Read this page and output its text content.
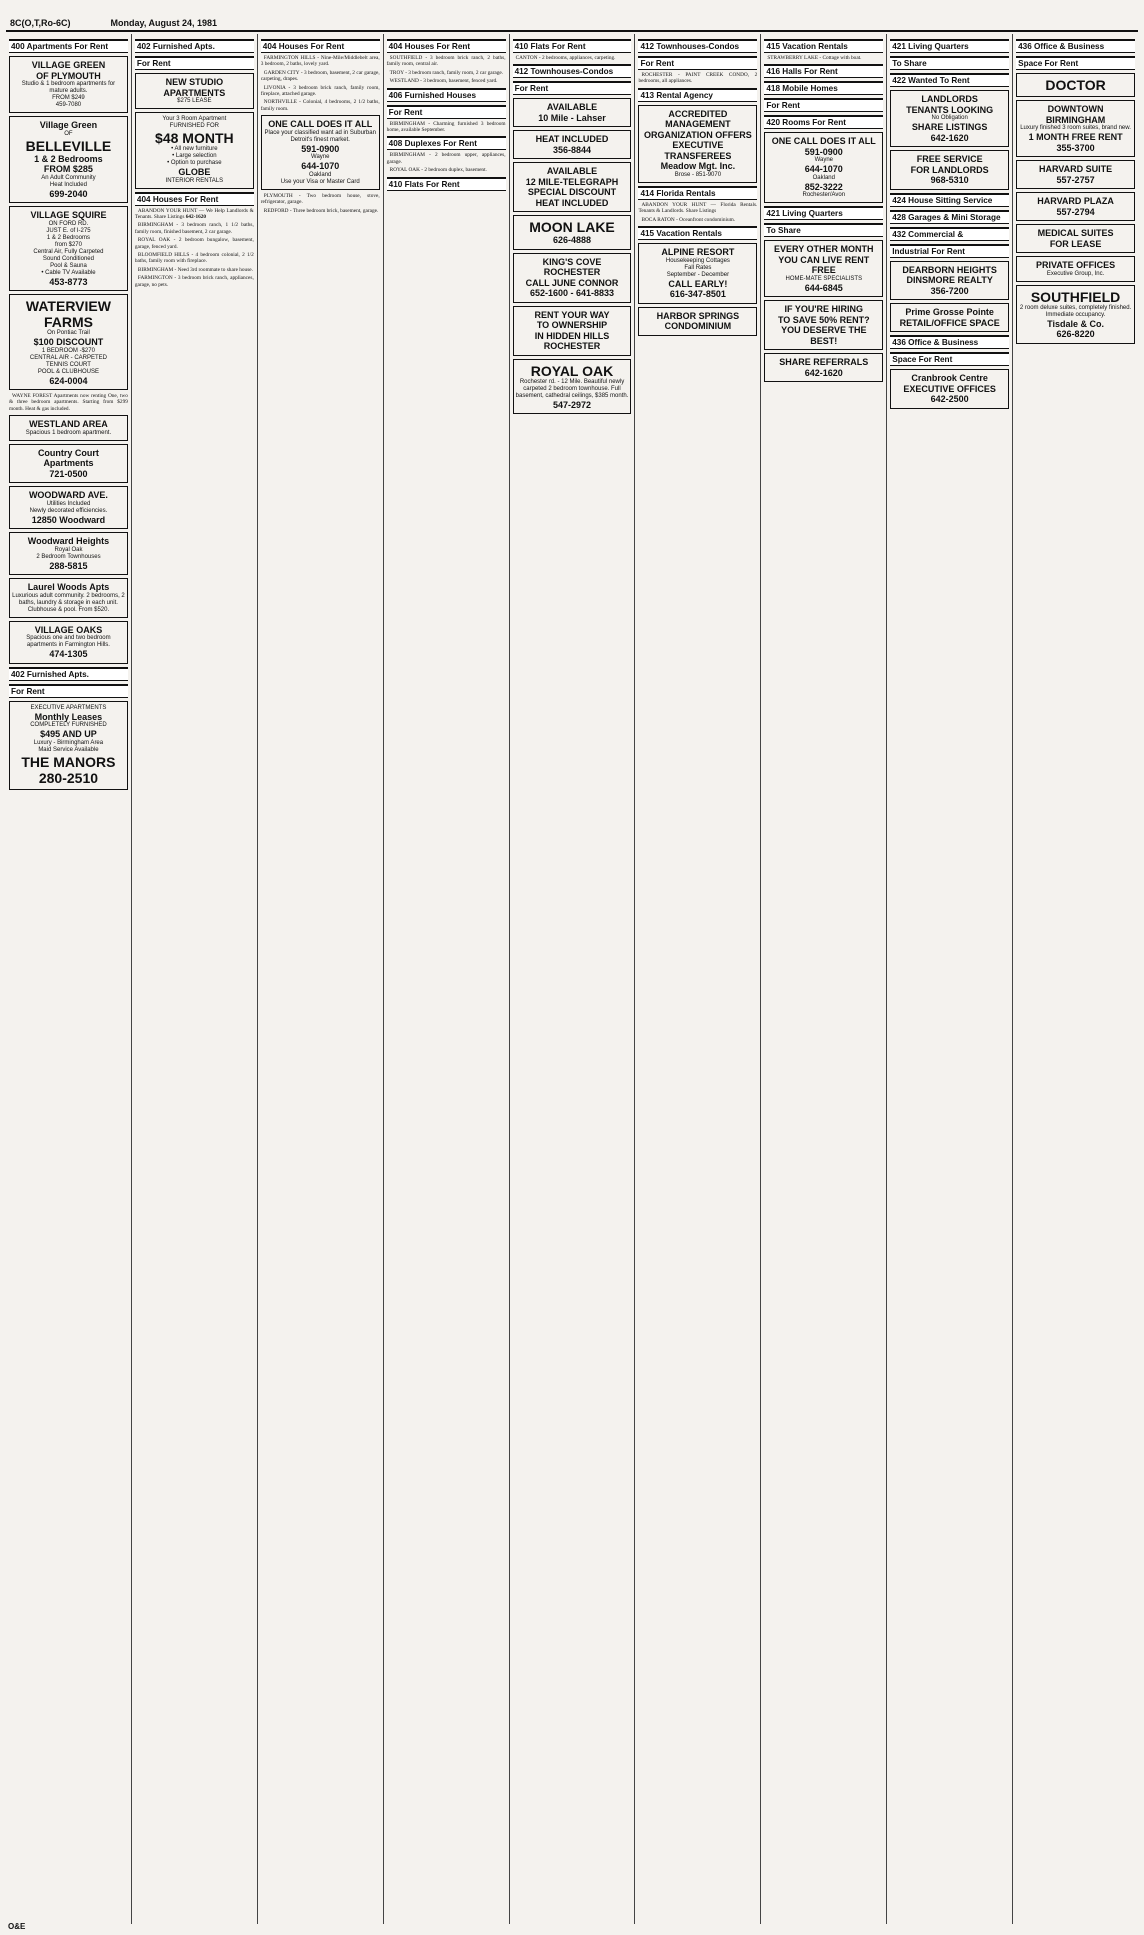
8C(O,T,Ro-6C)	Monday, August 24, 1981
400 Apartments For Rent
VILLAGE GREEN
OF PLYMOUTH
Studio & 1 bedroom apartments for mature adults.
FROM $249
459-7080
Village Green
OF
BELLEVILLE
1 & 2 Bedrooms
FROM $285
An Adult Community
Heat Included
699-2040
VILLAGE SQUIRE
ON FORD RD.
JUST E. of I-275
1 & 2 Bedrooms
from $270
Central Air, Fully Carpeted
Sound Conditioned
Pool & Sauna
• Cable TV Available
453-8773
WATERVIEW
FARMS
On Pontiac Trail
$100 DISCOUNT
1 BEDROOM -$270
CENTRAL AIR - CARPETED
TENNIS COURT
POOL & CLUBHOUSE
624-0004
WAYNE FOREST Apartments now renting One, two & three bedroom apartments. Starting from $299 month. Heat & gas included.
WESTLAND AREA
Spacious 1 bedroom apartment.
Country Court
Apartments
721-0500
WOODWARD AVE.
Utilities Included
Newly decorated efficiencies.
12850 Woodward
Woodward Heights
Royal Oak
2 Bedroom Townhouses
288-5815
Laurel Woods Apts
Luxurious adult community. 2 bedrooms, 2 baths, laundry & storage in each unit. Clubhouse & pool. From $520.
VILLAGE OAKS
Spacious one and two bedroom apartments in Farmington Hills.
474-1305
402 Furnished Apts.
For Rent
EXECUTIVE APARTMENTS
Monthly Leases
COMPLETELY FURNISHED
$495 AND UP
Luxury - Birmingham Area
Maid Service Available
THE MANORS
280-2510
402 Furnished Apts.
For Rent
NEW STUDIO
APARTMENTS
$275 LEASE
Your 3 Room Apartment
FURNISHED FOR
$48 MONTH
• All new furniture
• Large selection
• Option to purchase
GLOBE
INTERIOR RENTALS
404 Houses For Rent
ABANDON YOUR HUNT — We Help Landlords & Tenants. Share Listings 642-1620
BIRMINGHAM - 3 bedroom ranch, 1 1/2 baths, family room, finished basement, 2 car garage.
ROYAL OAK - 2 bedroom bungalow, basement, garage, fenced yard.
BLOOMFIELD HILLS - 4 bedroom colonial, 2 1/2 baths, family room with fireplace.
BIRMINGHAM - Need 3rd roommate to share house.
FARMINGTON - 3 bedroom brick ranch, appliances, garage, no pets.
404 Houses For Rent
FARMINGTON HILLS - Nine-Mile/Middlebelt area, 3 bedroom, 2 baths, lovely yard.
GARDEN CITY - 3 bedroom, basement, 2 car garage, carpeting, drapes.
LIVONIA - 3 bedroom brick ranch, family room, fireplace, attached garage.
NORTHVILLE - Colonial, 4 bedrooms, 2 1/2 baths, family room.
ONE CALL DOES IT ALL
Place your classified want ad in Suburban Detroit's finest market.
591-0900
Wayne
644-1070
Oakland
Use your Visa or Master Card
PLYMOUTH - Two bedroom house, stove, refrigerator, garage.
REDFORD - Three bedroom brick, basement, garage.
404 Houses For Rent
SOUTHFIELD - 3 bedroom brick ranch, 2 baths, family room, central air.
TROY - 3 bedroom ranch, family room, 2 car garage.
WESTLAND - 3 bedroom, basement, fenced yard.
406 Furnished Houses
For Rent
BIRMINGHAM - Charming furnished 3 bedroom home, available September.
408 Duplexes For Rent
BIRMINGHAM - 2 bedroom upper, appliances, garage.
ROYAL OAK - 2 bedroom duplex, basement.
410 Flats For Rent
410 Flats For Rent
CANTON - 2 bedrooms, appliances, carpeting.
412 Townhouses-Condos
For Rent
AVAILABLE
10 Mile - Lahser
HEAT INCLUDED
356-8844
AVAILABLE
12 MILE-TELEGRAPH
SPECIAL DISCOUNT
HEAT INCLUDED
MOON LAKE
626-4888
KING'S COVE
ROCHESTER
CALL JUNE CONNOR
652-1600 - 641-8833
RENT YOUR WAY
TO OWNERSHIP
IN HIDDEN HILLS
ROCHESTER
ROYAL OAK
Rochester rd. - 12 Mile. Beautiful newly carpeted 2 bedroom townhouse. Full basement, cathedral ceilings, $385 month.
547-2972
412 Townhouses-Condos
For Rent
ROCHESTER - PAINT CREEK CONDO, 2 bedrooms, all appliances.
413 Rental Agency
ACCREDITED
MANAGEMENT
ORGANIZATION OFFERS
EXECUTIVE TRANSFEREES
Meadow Mgt. Inc.
Brose - 851-9070
414 Florida Rentals
ABANDON YOUR HUNT — Florida Rentals. Tenants & Landlords. Share Listings
BOCA RATON - Oceanfront condominium.
415 Vacation Rentals
ALPINE RESORT
Housekeeping Cottages
Fall Rates
September - December
CALL EARLY!
616-347-8501
HARBOR SPRINGS
CONDOMINIUM
415 Vacation Rentals
STRAWBERRY LAKE - Cottage with boat.
416 Halls For Rent
418 Mobile Homes
For Rent
420 Rooms For Rent
ONE CALL DOES IT ALL
591-0900
Wayne
644-1070
Oakland
852-3222
Rochester/Avon
421 Living Quarters
To Share
EVERY OTHER MONTH
YOU CAN LIVE RENT FREE
HOME-MATE SPECIALISTS
644-6845
IF YOU'RE HIRING
TO SAVE 50% RENT?
YOU DESERVE THE BEST!
SHARE REFERRALS
642-1620
421 Living Quarters
To Share
422 Wanted To Rent
LANDLORDS
TENANTS LOOKING
No Obligation
SHARE LISTINGS
642-1620
FREE SERVICE
FOR LANDLORDS
968-5310
424 House Sitting Service
428 Garages & Mini Storage
432 Commercial &
Industrial For Rent
DEARBORN HEIGHTS
DINSMORE REALTY
356-7200
Prime Grosse Pointe
RETAIL/OFFICE SPACE
436 Office & Business
Space For Rent
Cranbrook Centre
EXECUTIVE OFFICES
642-2500
436 Office & Business
Space For Rent
DOCTOR
DOWNTOWN
BIRMINGHAM
Luxury finished 3 room suites, brand new.
1 MONTH FREE RENT
355-3700
HARVARD SUITE
557-2757
HARVARD PLAZA
557-2794
MEDICAL SUITES
FOR LEASE
PRIVATE OFFICES
Executive Group, Inc.
SOUTHFIELD
2 room deluxe suites, completely finished. Immediate occupancy.
Tisdale & Co.
626-8220
O&E
